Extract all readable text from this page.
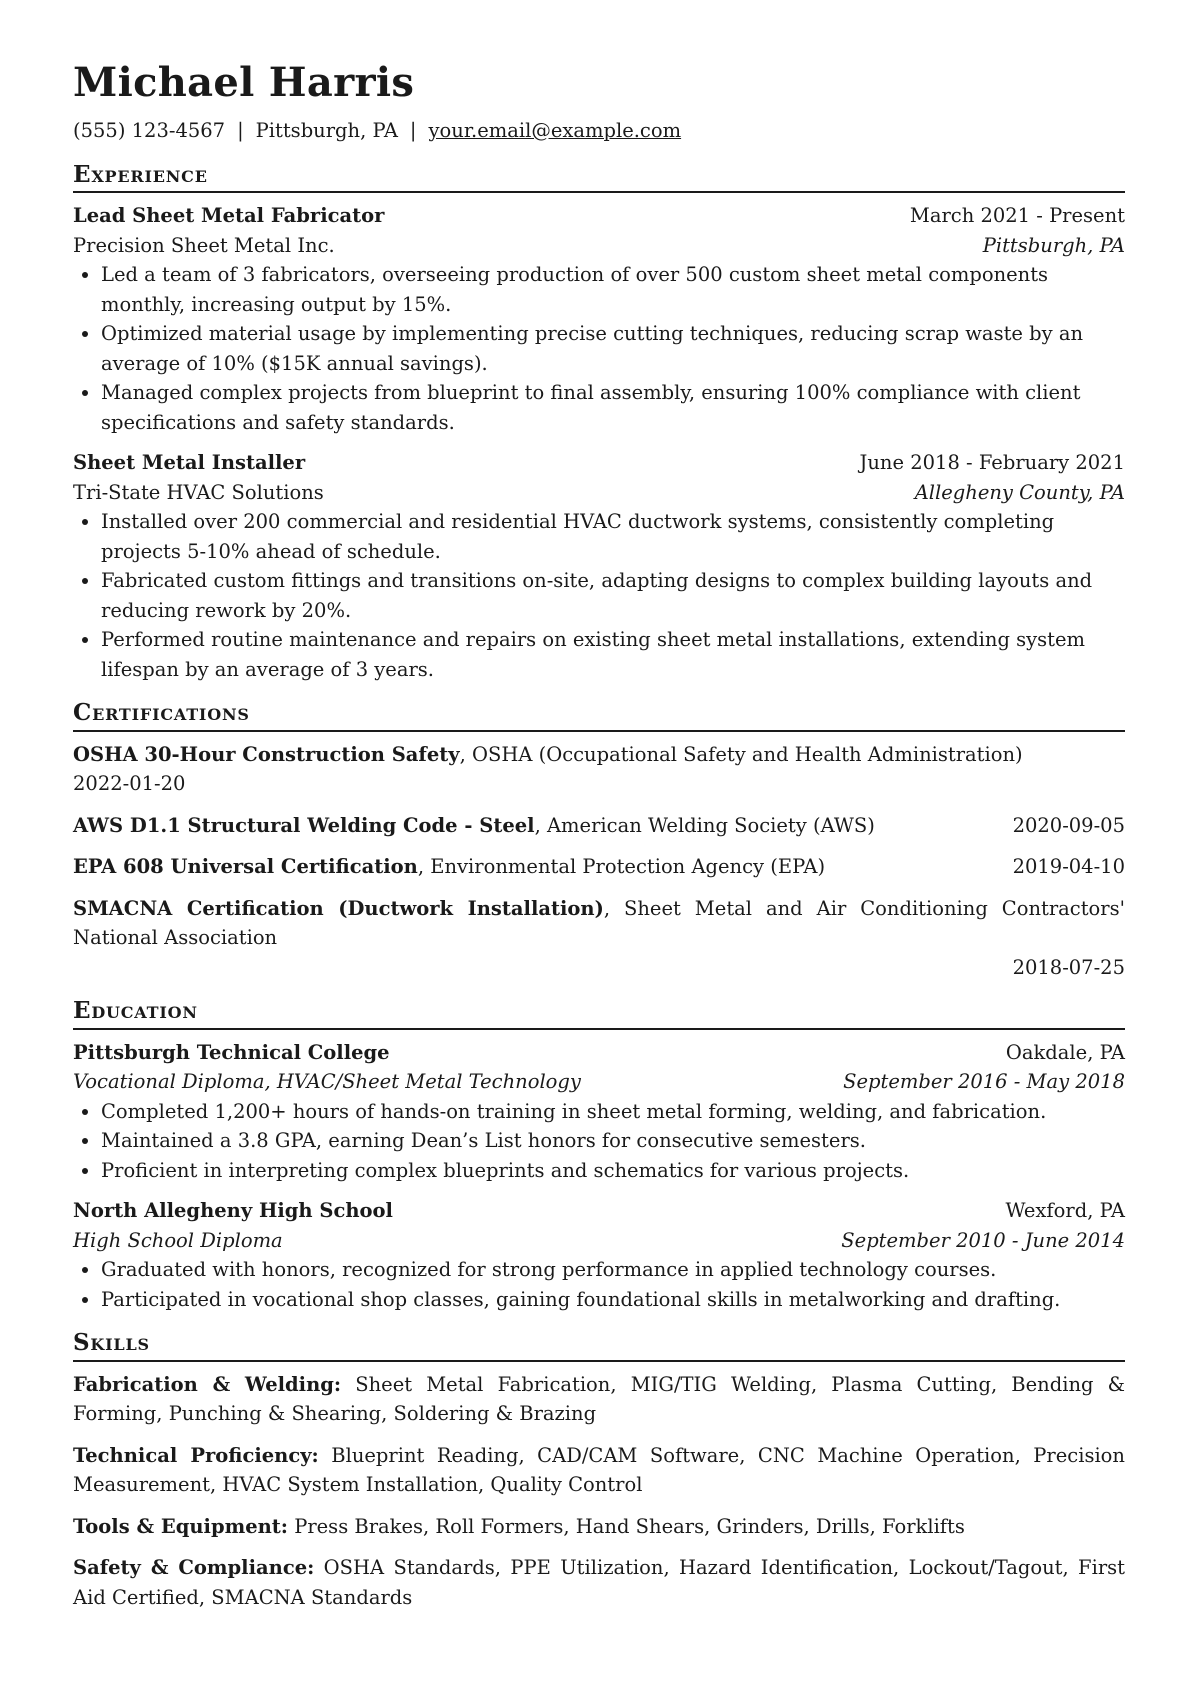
Michael Harris
(555) 123-4567 | Pittsburgh, PA | your.email@example.com
Experience
Lead Sheet Metal Fabricator	March 2021 - Present
Precision Sheet Metal Inc.	Pittsburgh, PA
• Led a team of 3 fabricators, overseeing production of over 500 custom sheet metal components monthly, increasing output by 15%.
• Optimized material usage by implementing precise cutting techniques, reducing scrap waste by an average of 10% ($15K annual savings).
• Managed complex projects from blueprint to final assembly, ensuring 100% compliance with client specifications and safety standards.
Sheet Metal Installer	June 2018 - February 2021
Tri-State HVAC Solutions	Allegheny County, PA
• Installed over 200 commercial and residential HVAC ductwork systems, consistently completing projects 5-10% ahead of schedule.
• Fabricated custom fittings and transitions on-site, adapting designs to complex building layouts and reducing rework by 20%.
• Performed routine maintenance and repairs on existing sheet metal installations, extending system lifespan by an average of 3 years.
Certifications
OSHA 30-Hour Construction Safety, OSHA (Occupational Safety and Health Administration)
2022-01-20
AWS D1.1 Structural Welding Code - Steel, American Welding Society (AWS)	2020-09-05
EPA 608 Universal Certification, Environmental Protection Agency (EPA)	2019-04-10
SMACNA Certification (Ductwork Installation), Sheet Metal and Air Conditioning Contractors' National Association
2018-07-25
Education
Pittsburgh Technical College	Oakdale, PA
Vocational Diploma, HVAC/Sheet Metal Technology	September 2016 - May 2018
• Completed 1,200+ hours of hands-on training in sheet metal forming, welding, and fabrication.
• Maintained a 3.8 GPA, earning Dean’s List honors for consecutive semesters.
• Proficient in interpreting complex blueprints and schematics for various projects.
North Allegheny High School	Wexford, PA
High School Diploma	September 2010 - June 2014
• Graduated with honors, recognized for strong performance in applied technology courses.
• Participated in vocational shop classes, gaining foundational skills in metalworking and drafting.
Skills
Fabrication & Welding: Sheet Metal Fabrication, MIG/TIG Welding, Plasma Cutting, Bending & Forming, Punching & Shearing, Soldering & Brazing
Technical Proficiency: Blueprint Reading, CAD/CAM Software, CNC Machine Operation, Precision Measurement, HVAC System Installation, Quality Control
Tools & Equipment: Press Brakes, Roll Formers, Hand Shears, Grinders, Drills, Forklifts
Safety & Compliance: OSHA Standards, PPE Utilization, Hazard Identification, Lockout/Tagout, First Aid Certified, SMACNA Standards
